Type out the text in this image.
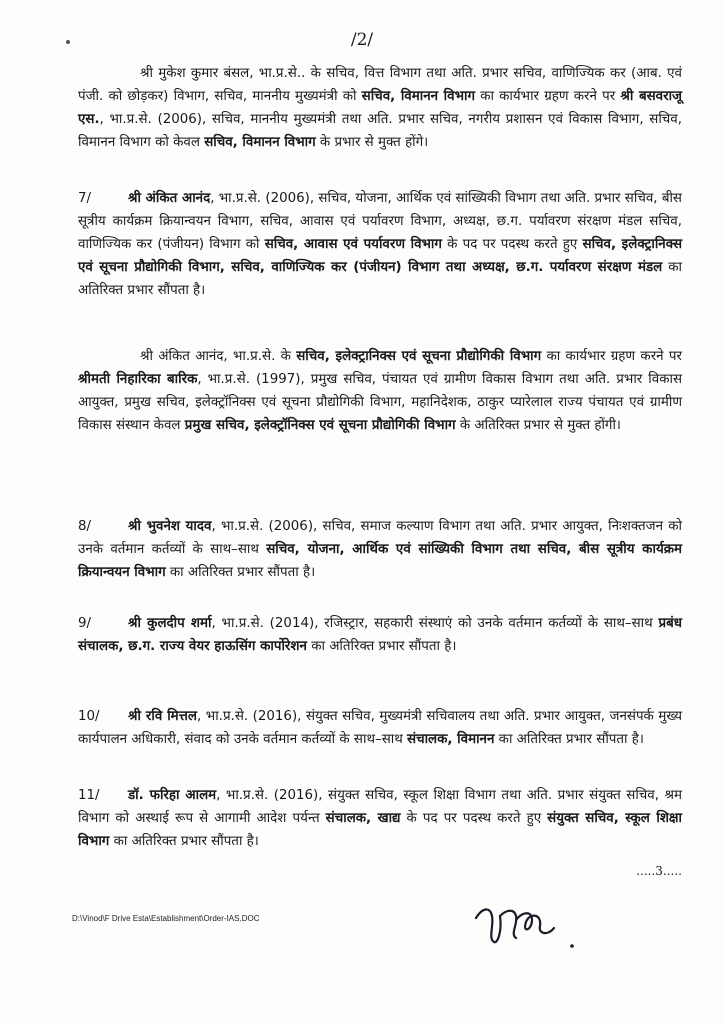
/2/
श्री मुकेश कुमार बंसल, भा.प्र.से.. के सचिव, वित्त विभाग तथा अति. प्रभार सचिव, वाणिज्यिक कर (आब. एवं पंजी. को छोड़कर) विभाग, सचिव, माननीय मुख्यमंत्री को सचिव, विमानन विभाग का कार्यभार ग्रहण करने पर श्री बसवराजू एस., भा.प्र.से. (2006), सचिव, माननीय मुख्यमंत्री तथा अति. प्रभार सचिव, नगरीय प्रशासन एवं विकास विभाग, सचिव, विमानन विभाग को केवल सचिव, विमानन विभाग के प्रभार से मुक्त होंगे।
7/	श्री अंकित आनंद, भा.प्र.से. (2006), सचिव, योजना, आर्थिक एवं सांख्यिकी विभाग तथा अति. प्रभार सचिव, बीस सूत्रीय कार्यक्रम क्रियान्वयन विभाग, सचिव, आवास एवं पर्यावरण विभाग, अध्यक्ष, छ.ग. पर्यावरण संरक्षण मंडल सचिव, वाणिज्यिक कर (पंजीयन) विभाग को सचिव, आवास एवं पर्यावरण विभाग के पद पर पदस्थ करते हुए सचिव, इलेक्ट्रानिक्स एवं सूचना प्रौद्योगिकी विभाग, सचिव, वाणिज्यिक कर (पंजीयन) विभाग तथा अध्यक्ष, छ.ग. पर्यावरण संरक्षण मंडल का अतिरिक्त प्रभार सौंपता है।
श्री अंकित आनंद, भा.प्र.से. के सचिव, इलेक्ट्रानिक्स एवं सूचना प्रौद्योगिकी विभाग का कार्यभार ग्रहण करने पर श्रीमती निहारिका बारिक, भा.प्र.से. (1997), प्रमुख सचिव, पंचायत एवं ग्रामीण विकास विभाग तथा अति. प्रभार विकास आयुक्त, प्रमुख सचिव, इलेक्ट्रॉनिक्स एवं सूचना प्रौद्योगिकी विभाग, महानिदेशक, ठाकुर प्यारेलाल राज्य पंचायत एवं ग्रामीण विकास संस्थान केवल प्रमुख सचिव, इलेक्ट्रॉनिक्स एवं सूचना प्रौद्योगिकी विभाग के अतिरिक्त प्रभार से मुक्त होंगी।
8/	श्री भुवनेश यादव, भा.प्र.से. (2006), सचिव, समाज कल्याण विभाग तथा अति. प्रभार आयुक्त, निःशक्तजन को उनके वर्तमान कर्तव्यों के साथ–साथ सचिव, योजना, आर्थिक एवं सांख्यिकी विभाग तथा सचिव, बीस सूत्रीय कार्यक्रम क्रियान्वयन विभाग का अतिरिक्त प्रभार सौंपता है।
9/	श्री कुलदीप शर्मा, भा.प्र.से. (2014), रजिस्ट्रार, सहकारी संस्थाएं को उनके वर्तमान कर्तव्यों के साथ–साथ प्रबंध संचालक, छ.ग. राज्य वेयर हाऊसिंग कार्पोरेशन का अतिरिक्त प्रभार सौंपता है।
10/ श्री रवि मित्तल, भा.प्र.से. (2016), संयुक्त सचिव, मुख्यमंत्री सचिवालय तथा अति. प्रभार आयुक्त, जनसंपर्क मुख्य कार्यपालन अधिकारी, संवाद को उनके वर्तमान कर्तव्यों के साथ–साथ संचालक, विमानन का अतिरिक्त प्रभार सौंपता है।
11/ डॉ. फरिहा आलम, भा.प्र.से. (2016), संयुक्त सचिव, स्कूल शिक्षा विभाग तथा अति. प्रभार संयुक्त सचिव, श्रम विभाग को अस्थाई रूप से आगामी आदेश पर्यन्त संचालक, खाद्य के पद पर पदस्थ करते हुए संयुक्त सचिव, स्कूल शिक्षा विभाग का अतिरिक्त प्रभार सौंपता है।
.....3.....
D:\Vinod\F Drive Esta\Establishment\Order-IAS.DOC
